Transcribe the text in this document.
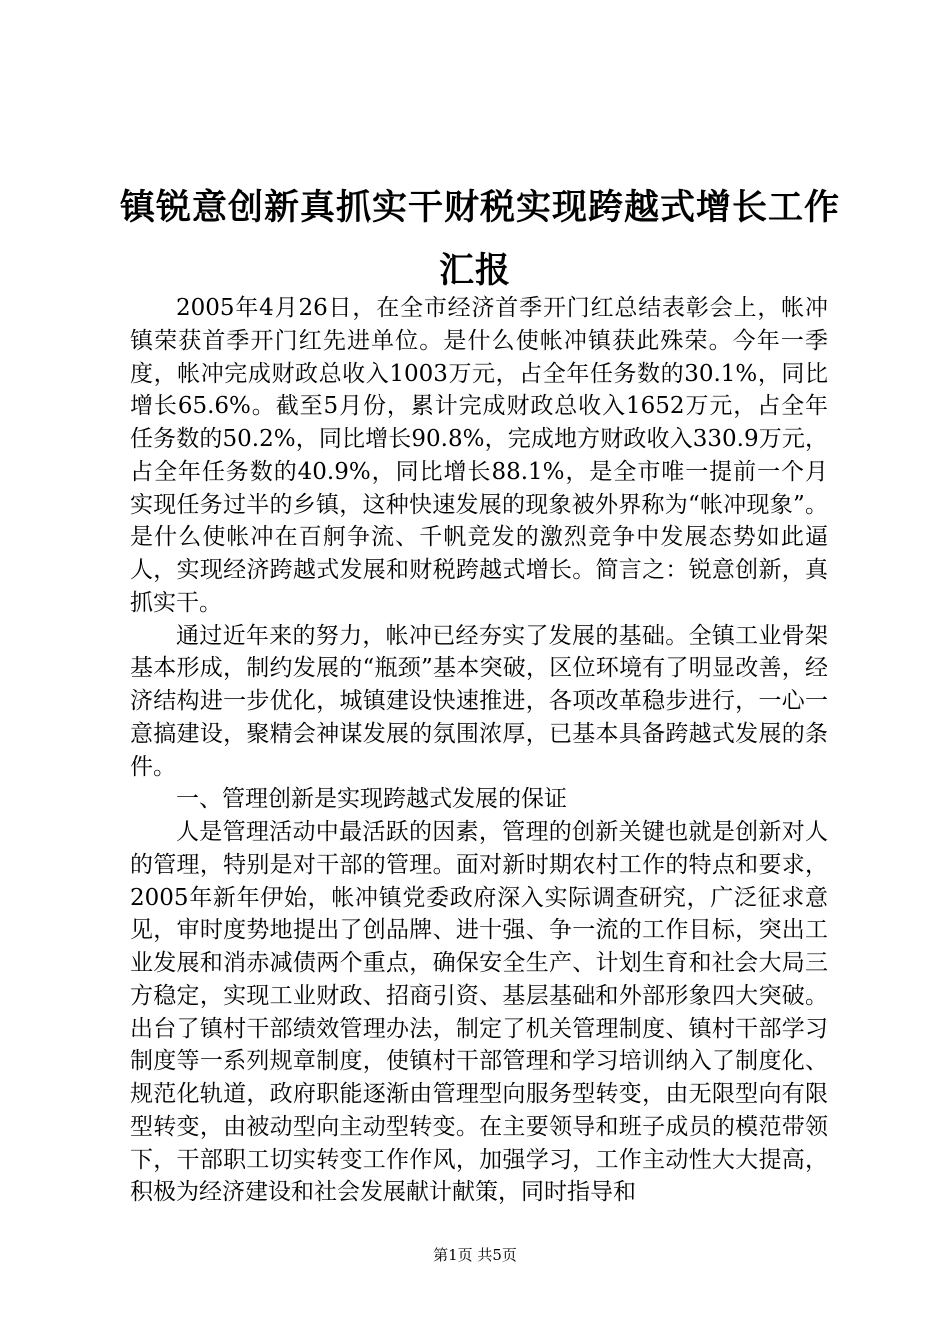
镇锐意创新真抓实干财税实现跨越式增长工作
汇报

2005年4月26日，在全市经济首季开门红总结表彰会上，帐冲镇荣获首季开门红先进单位。是什么使帐冲镇获此殊荣。今年一季度，帐冲完成财政总收入1003万元，占全年任务数的30.1%，同比增长65.6%。截至5月份，累计完成财政总收入1652万元，占全年任务数的50.2%，同比增长90.8%，完成地方财政收入330.9万元，占全年任务数的40.9%，同比增长88.1%，是全市唯一提前一个月实现任务过半的乡镇，这种快速发展的现象被外界称为“帐冲现象”。是什么使帐冲在百舸争流、千帆竞发的激烈竞争中发展态势如此逼人，实现经济跨越式发展和财税跨越式增长。简言之：锐意创新，真抓实干。

通过近年来的努力，帐冲已经夯实了发展的基础。全镇工业骨架基本形成，制约发展的“瓶颈”基本突破，区位环境有了明显改善，经济结构进一步优化，城镇建设快速推进，各项改革稳步进行，一心一意搞建设，聚精会神谋发展的氛围浓厚，已基本具备跨越式发展的条件。

一、管理创新是实现跨越式发展的保证

人是管理活动中最活跃的因素，管理的创新关键也就是创新对人的管理，特别是对干部的管理。面对新时期农村工作的特点和要求，2005年新年伊始，帐冲镇党委政府深入实际调查研究，广泛征求意见，审时度势地提出了创品牌、进十强、争一流的工作目标，突出工业发展和消赤减债两个重点，确保安全生产、计划生育和社会大局三方稳定，实现工业财政、招商引资、基层基础和外部形象四大突破。出台了镇村干部绩效管理办法，制定了机关管理制度、镇村干部学习制度等一系列规章制度，使镇村干部管理和学习培训纳入了制度化、规范化轨道，政府职能逐渐由管理型向服务型转变，由无限型向有限型转变，由被动型向主动型转变。在主要领导和班子成员的模范带领下，干部职工切实转变工作作风，加强学习，工作主动性大大提高，积极为经济建设和社会发展献计献策，同时指导和

第1页 共5页
